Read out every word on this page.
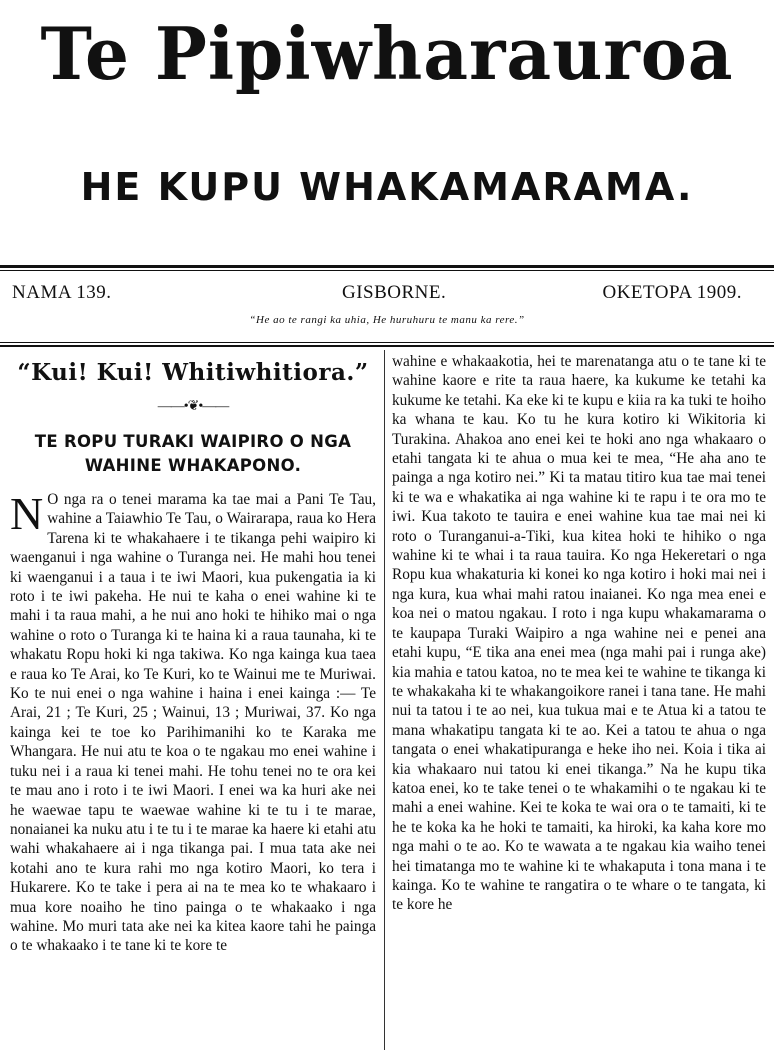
Te Pipiwharauroa
HE KUPU WHAKAMARAMA.
NAMA 139.	GISBORNE.	OKETOPA 1909.
“He ao te rangi ka uhia, He huruhuru te manu ka rere.”
“Kui! Kui! Whitiwhitiora.”
——•❦•——
TE ROPU TURAKI WAIPIRO O NGA
WAHINE WHAKAPONO.

N O nga ra o tenei marama ka tae mai a Pani Te Tau, wahine a Taiawhio Te Tau, o Wairarapa, raua ko Hera Tarena ki te whakahaere i te tikanga pehi waipiro ki waenganui i nga wahine o Turanga nei. He mahi hou tenei ki waenganui i a taua i te iwi Maori, kua pukengatia ia ki roto i te iwi pakeha. He nui te kaha o enei wahine ki te mahi i ta raua mahi, a he nui ano hoki te hihiko mai o nga wahine o roto o Turanga ki te haina ki a raua taunaha, ki te whakatu Ropu hoki ki nga takiwa. Ko nga kainga kua taea e raua ko Te Arai, ko Te Kuri, ko te Wainui me te Muriwai. Ko te nui enei o nga wahine i haina i enei kainga :— Te Arai, 21 ; Te Kuri, 25 ; Wainui, 13 ; Muriwai, 37. Ko nga kainga kei te toe ko Parihimanihi ko te Karaka me Whangara. He nui atu te koa o te ngakau mo enei wahine i tuku nei i a raua ki tenei mahi. He tohu tenei no te ora kei te mau ano i roto i te iwi Maori. I enei wa ka huri ake nei he waewae tapu te waewae wahine ki te tu i te marae, nonaianei ka nuku atu i te tu i te marae ka haere ki etahi atu wahi whakahaere ai i nga tikanga pai. I mua tata ake nei kotahi ano te kura rahi mo nga kotiro Maori, ko tera i Hukarere. Ko te take i pera ai na te mea ko te whakaaro i mua kore noaiho he tino painga o te whakaako i nga wahine. Mo muri tata ake nei ka kitea kaore tahi he painga o te whakaako i te tane ki te kore te

wahine e whakaakotia, hei te marenatanga atu o te tane ki te wahine kaore e rite ta raua haere, ka kukume ke tetahi ka kukume ke tetahi. Ka eke ki te kupu e kiia ra ka tuki te hoiho ka whana te kau. Ko tu he kura kotiro ki Wikitoria ki Turakina. Ahakoa ano enei kei te hoki ano nga whakaaro o etahi tangata ki te ahua o mua kei te mea, “He aha ano te painga a nga kotiro nei.” Ki ta matau titiro kua tae mai tenei ki te wa e whakatika ai nga wahine ki te rapu i te ora mo te iwi. Kua takoto te tauira e enei wahine kua tae mai nei ki roto o Turanganui-a-Tiki, kua kitea hoki te hihiko o nga wahine ki te whai i ta raua tauira. Ko nga Hekeretari o nga Ropu kua whakaturia ki konei ko nga kotiro i hoki mai nei i nga kura, kua whai mahi ratou inaianei. Ko nga mea enei e koa nei o matou ngakau. I roto i nga kupu whakamarama o te kaupapa Turaki Waipiro a nga wahine nei e penei ana etahi kupu, “E tika ana enei mea (nga mahi pai i runga ake) kia mahia e tatou katoa, no te mea kei te wahine te tikanga ki te whakakaha ki te whakangoikore ranei i tana tane. He mahi nui ta tatou i te ao nei, kua tukua mai e te Atua ki a tatou te mana whakatipu tangata ki te ao. Kei a tatou te ahua o nga tangata o enei whakatipuranga e heke iho nei. Koia i tika ai kia whakaaro nui tatou ki enei tikanga.” Na he kupu tika katoa enei, ko te take tenei o te whakamihi o te ngakau ki te mahi a enei wahine. Kei te koka te wai ora o te tamaiti, ki te he te koka ka he hoki te tamaiti, ka hiroki, ka kaha kore mo nga mahi o te ao. Ko te wawata a te ngakau kia waiho tenei hei timatanga mo te wahine ki te whakaputa i tona mana i te kainga. Ko te wahine te rangatira o te whare o te tangata, ki te kore he
